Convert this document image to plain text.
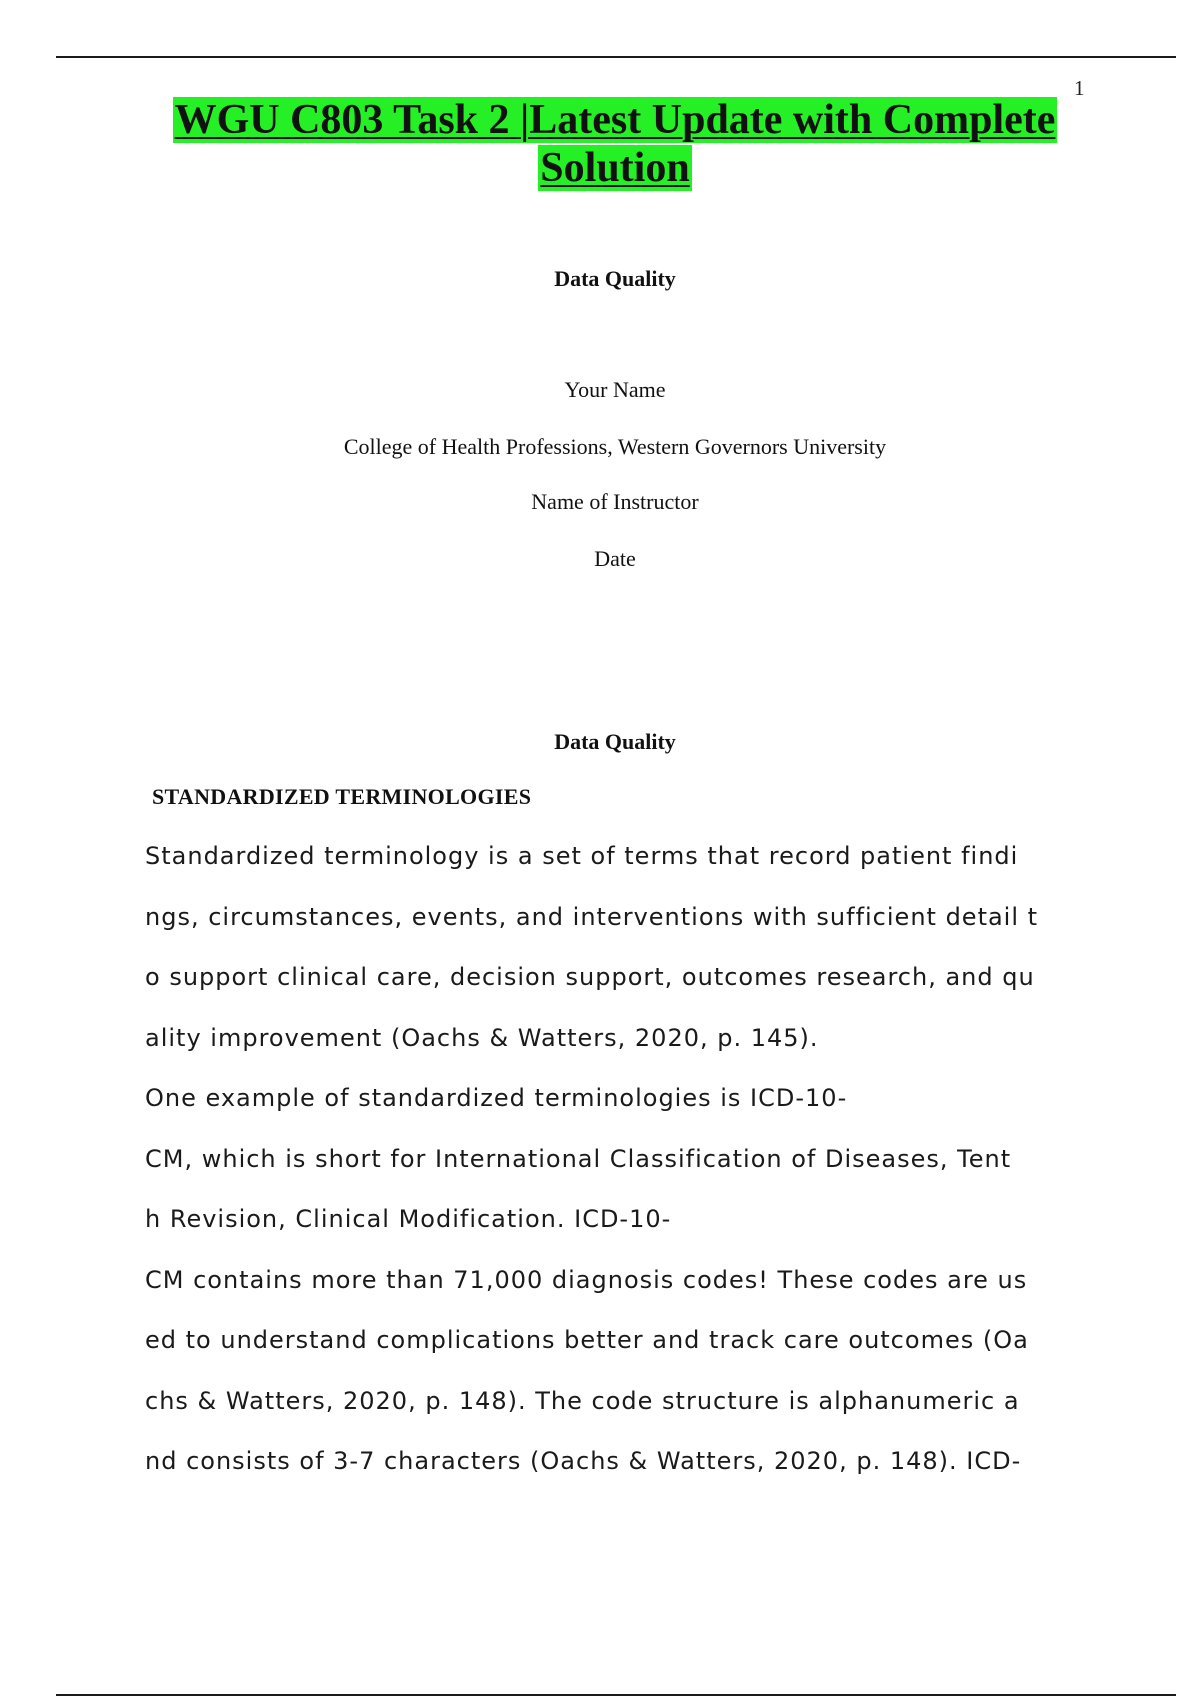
1
WGU C803 Task 2 |Latest Update with Complete
Solution
Data Quality
Your Name
College of Health Professions, Western Governors University
Name of Instructor
Date
Data Quality
STANDARDIZED TERMINOLOGIES
Standardized terminology is a set of terms that record patient findi
ngs, circumstances, events, and interventions with sufficient detail t
o support clinical care, decision support, outcomes research, and qu
ality improvement (Oachs & Watters, 2020, p. 145).
One example of standardized terminologies is ICD-10-
CM, which is short for International Classification of Diseases, Tent
h Revision, Clinical Modification. ICD-10-
CM contains more than 71,000 diagnosis codes! These codes are us
ed to understand complications better and track care outcomes (Oa
chs & Watters, 2020, p. 148). The code structure is alphanumeric a
nd consists of 3-7 characters (Oachs & Watters, 2020, p. 148). ICD-
